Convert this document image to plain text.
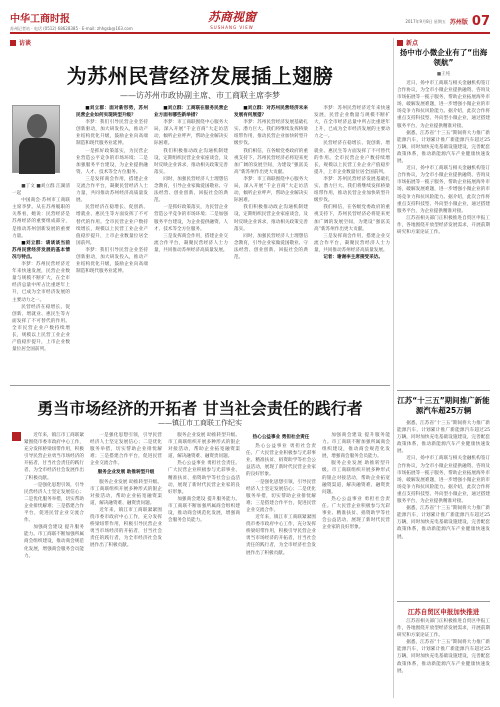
中华工商时报
苏州记者站 · 电话 (0512) 68628385 · E-mail: zhhgsb@163.com
苏商视窗
SUSHANG VIEW
2017年9月8日 星期五 苏州版 07
访谈	新点
为苏州民营经济发展插上翅膀
——访苏州市政协副主席、市工商联主席李梦

■丁文 ■刘立群 江湖清 一起

中国商会·苏州市工商联主席李梦。从在苏州履职的关系看，她说：民营经济是苏州经济的重要组成部分，是推动苏州创新发展的重要力量。

■刘立群：请谈谈当前苏州民营经济发展的基本情况与特点。

李梦：苏州民营经济近年来快速发展，民营企业数量与规模不断扩大，在全市经济总量中所占比重逐年上升，已成为全市经济发展的主要动力之一。

民营经济在稳增长、促创新、增就业、惠民生等方面发挥了不可替代的作用。全市民营企业户数持续增长，规模以上民营工业企业产值稳步提升，上市企业数量位居全国前列。

■刘立群：面对新形势，苏州民营企业如何实现转型升级？

李梦：我们引导民营企业坚持创新驱动，加大研发投入，推动产业结构优化升级，鼓励企业向高端制造和现代服务业延伸。

一是抓好政策落实，为民营企业营造公平竞争的市场环境；二是加强服务平台建设，为企业提供融资、人才、技术等全方位服务。

三是发挥商会作用，搭建企业交流合作平台，凝聚民营经济人士力量，共同推动苏州经济高质量发展。

民营经济在稳增长、促创新、增就业、惠民生等方面发挥了不可替代的作用。全市民营企业户数持续增长，规模以上民营工业企业产值稳步提升，上市企业数量位居全国前列。

李梦：我们引导民营企业坚持创新驱动，加大研发投入，推动产业结构优化升级，鼓励企业向高端制造和现代服务业延伸。

■刘立群：工商联在服务民营企业方面有哪些新举措？

李梦：市工商联围绕中心服务大局，深入开展“千企百商”大走访活动，倾听企业呼声，帮助企业解决实际困难。

我们积极推动政企沟通机制建设，定期组织民营企业家座谈会，及时反映企业诉求，推动相关政策完善落实。

同时，加强民营经济人士理想信念教育，引导企业家做爱国敬业、守法经营、创业创新、回报社会的典范。

一是抓好政策落实，为民营企业营造公平竞争的市场环境；二是加强服务平台建设，为企业提供融资、人才、技术等全方位服务。

三是发挥商会作用，搭建企业交流合作平台，凝聚民营经济人士力量，共同推动苏州经济高质量发展。

■刘立群：对苏州民营经济未来发展有何展望？

李梦：苏州民营经济发展基础扎实、潜力巨大。我们将继续发挥桥梁纽带作用，推动民营企业加快转型升级步伐。

我们相信，在各级党委政府的重视支持下，苏州民营经济必将迎来更加广阔的发展空间，为建设“强富美高”新苏州作出更大贡献。

李梦：市工商联围绕中心服务大局，深入开展“千企百商”大走访活动，倾听企业呼声，帮助企业解决实际困难。

我们积极推动政企沟通机制建设，定期组织民营企业家座谈会，及时反映企业诉求，推动相关政策完善落实。

同时，加强民营经济人士理想信念教育，引导企业家做爱国敬业、守法经营、创业创新、回报社会的典范。

李梦：苏州民营经济近年来快速发展，民营企业数量与规模不断扩大，在全市经济总量中所占比重逐年上升，已成为全市经济发展的主要动力之一。

民营经济在稳增长、促创新、增就业、惠民生等方面发挥了不可替代的作用。全市民营企业户数持续增长，规模以上民营工业企业产值稳步提升，上市企业数量位居全国前列。

李梦：苏州民营经济发展基础扎实、潜力巨大。我们将继续发挥桥梁纽带作用，推动民营企业加快转型升级步伐。

我们相信，在各级党委政府的重视支持下，苏州民营经济必将迎来更加广阔的发展空间，为建设“强富美高”新苏州作出更大贡献。

三是发挥商会作用，搭建企业交流合作平台，凝聚民营经济人士力量，共同推动苏州经济高质量发展。

记者：谢谢李主席接受采访。

扬中市小微企业有了“出海领航”
■王纯

近日，扬中市工商联与相关金融机构签订合作协议，为全市小微企业提供融资、咨询及市场拓展等一揽子服务，帮助企业拓展海外市场，破解发展难题，进一步增强小微企业的市场竞争力和抗风险能力。据介绍，此次合作将重点支持科技型、外向型小微企业，通过搭建服务平台，为企业提供精准对接。

据悉，江苏省“十三五”期间将大力推广新能源汽车，计划累计推广新能源汽车超过25万辆，同时加快充电基础设施建设，完善配套政策体系，推动新能源汽车产业健康快速发展。

近日，扬中市工商联与相关金融机构签订合作协议，为全市小微企业提供融资、咨询及市场拓展等一揽子服务，帮助企业拓展海外市场，破解发展难题，进一步增强小微企业的市场竞争力和抗风险能力。据介绍，此次合作将重点支持科技型、外向型小微企业，通过搭建服务平台，为企业提供精准对接。

江苏省相关部门正积极推进自贸区申报工作，各地围绕开放型经济发展需求，开展前期研究和方案论证工作。

江苏“十三五”期间推广新能源汽车超25万辆

据悉，江苏省“十三五”期间将大力推广新能源汽车，计划累计推广新能源汽车超过25万辆，同时加快充电基础设施建设，完善配套政策体系，推动新能源汽车产业健康快速发展。

近日，扬中市工商联与相关金融机构签订合作协议，为全市小微企业提供融资、咨询及市场拓展等一揽子服务，帮助企业拓展海外市场，破解发展难题，进一步增强小微企业的市场竞争力和抗风险能力。据介绍，此次合作将重点支持科技型、外向型小微企业，通过搭建服务平台，为企业提供精准对接。

据悉，江苏省“十三五”期间将大力推广新能源汽车，计划累计推广新能源汽车超过25万辆，同时加快充电基础设施建设，完善配套政策体系，推动新能源汽车产业健康快速发展。

江苏自贸区申报加快推进

江苏省相关部门正积极推进自贸区申报工作，各地围绕开放型经济发展需求，开展前期研究和方案论证工作。

据悉，江苏省“十三五”期间将大力推广新能源汽车，计划累计推广新能源汽车超过25万辆，同时加快充电基础设施建设，完善配套政策体系，推动新能源汽车产业健康快速发展。

勇当市场经济的开拓者 甘当社会责任的践行者
——镇江市工商联工作纪实

近年来，镇江市工商联紧紧围绕市委市政府中心工作，充分发挥桥梁纽带作用，积极引导民营企业勇当市场经济的开拓者，甘当社会责任的践行者，为全市经济社会发展作出了积极贡献。

一是强化思想引领，引导民营经济人士坚定发展信心；二是优化服务举措，切实帮助企业排忧解难；三是搭建合作平台，促进民营企业交流合作。

加强商会建设 提升服务能力。市工商联不断加强所属商会组织建设，推动商会规范化发展，增强商会服务会员能力。

一是强化思想引领，引导民营经济人士坚定发展信心；二是优化服务举措，切实帮助企业排忧解难；三是搭建合作平台，促进民营企业交流合作。

服务企业发展 助推转型升级

服务企业发展 助推转型升级。市工商联组织开展多种形式的银企对接活动，帮助企业拓宽融资渠道，解决融资难、融资贵问题。

近年来，镇江市工商联紧紧围绕市委市政府中心工作，充分发挥桥梁纽带作用，积极引导民营企业勇当市场经济的开拓者，甘当社会责任的践行者，为全市经济社会发展作出了积极贡献。

服务企业发展 助推转型升级。市工商联组织开展多种形式的银企对接活动，帮助企业拓宽融资渠道，解决融资难、融资贵问题。

热心公益事业 勇担社会责任。广大民营企业积极参与光彩事业、精准扶贫、捐资助学等社会公益活动，展现了新时代民营企业家的良好形象。

加强商会建设 提升服务能力。市工商联不断加强所属商会组织建设，推动商会规范化发展，增强商会服务会员能力。

热心公益事业 勇担社会责任

热心公益事业 勇担社会责任。广大民营企业积极参与光彩事业、精准扶贫、捐资助学等社会公益活动，展现了新时代民营企业家的良好形象。

一是强化思想引领，引导民营经济人士坚定发展信心；二是优化服务举措，切实帮助企业排忧解难；三是搭建合作平台，促进民营企业交流合作。

近年来，镇江市工商联紧紧围绕市委市政府中心工作，充分发挥桥梁纽带作用，积极引导民营企业勇当市场经济的开拓者，甘当社会责任的践行者，为全市经济社会发展作出了积极贡献。

加强商会建设 提升服务能力。市工商联不断加强所属商会组织建设，推动商会规范化发展，增强商会服务会员能力。

服务企业发展 助推转型升级。市工商联组织开展多种形式的银企对接活动，帮助企业拓宽融资渠道，解决融资难、融资贵问题。

热心公益事业 勇担社会责任。广大民营企业积极参与光彩事业、精准扶贫、捐资助学等社会公益活动，展现了新时代民营企业家的良好形象。
